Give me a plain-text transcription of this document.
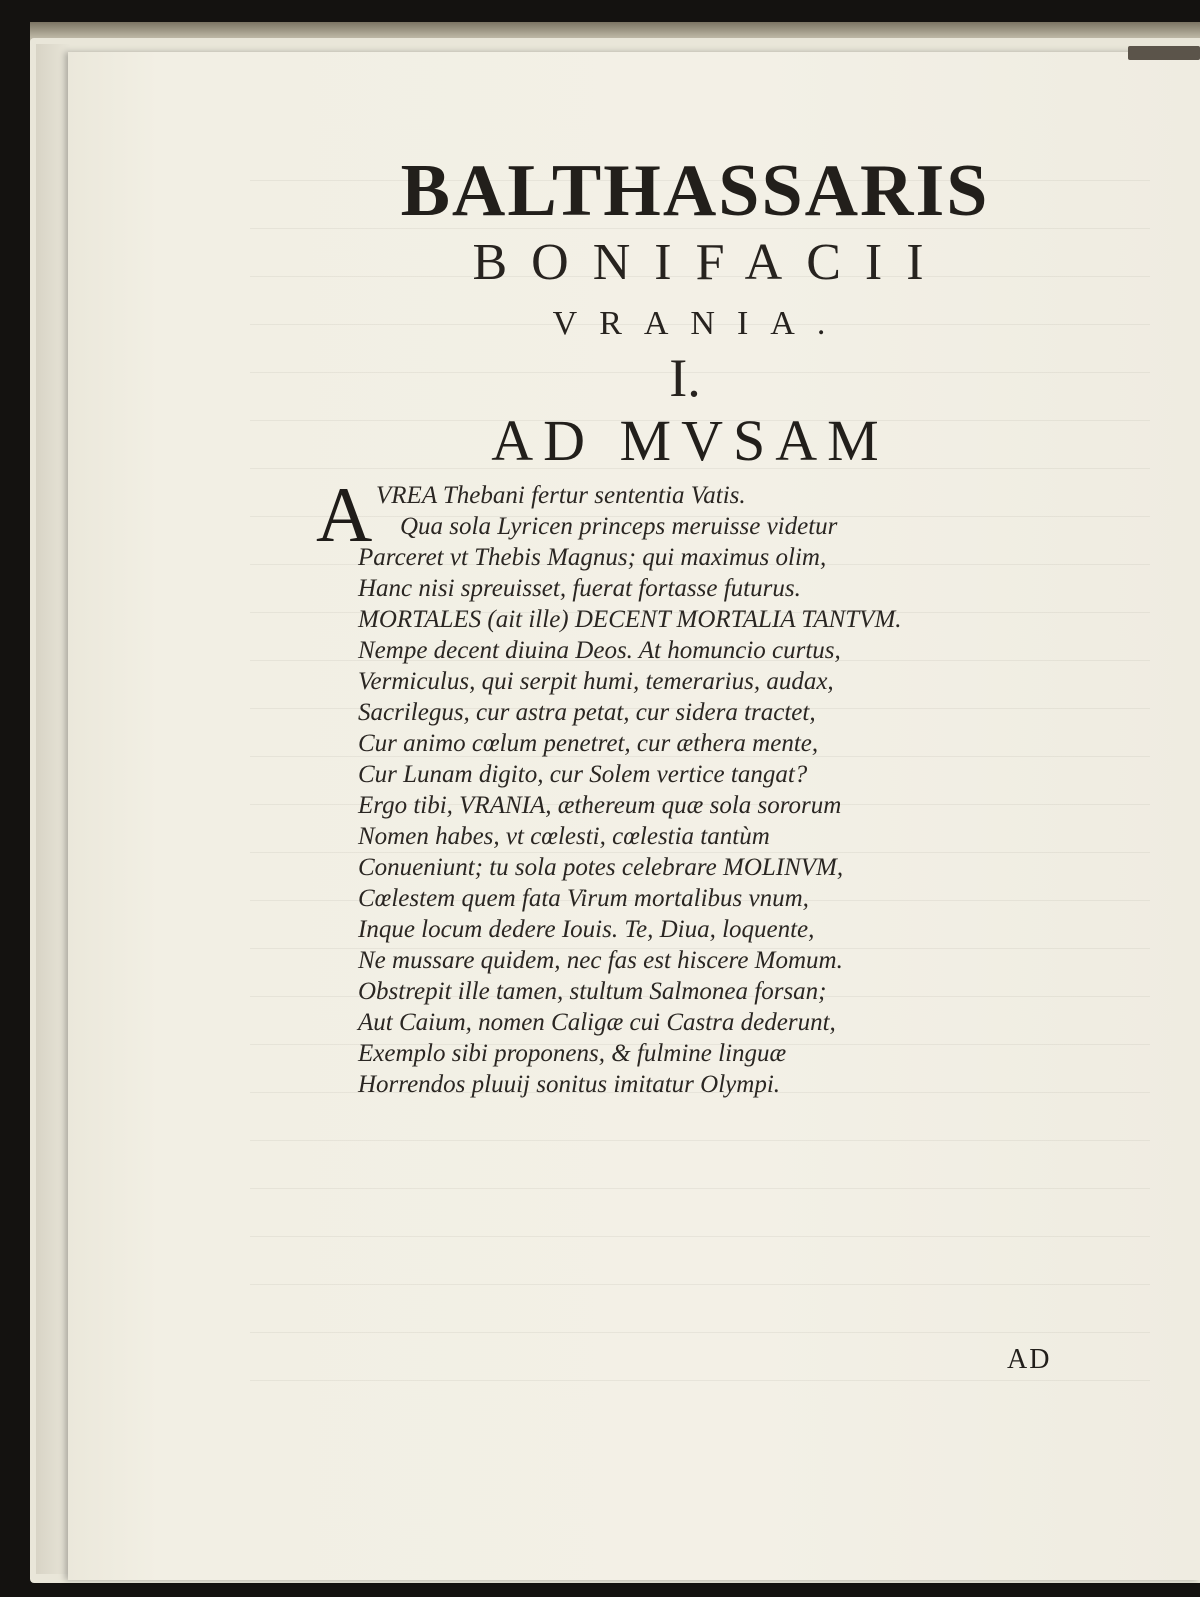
BALTHASSARIS
BONIFACII
VRANIA.
I.
AD MVSAM
A VREA Thebani fertur sententia Vatis.
Qua sola Lyricen princeps meruisse videtur
Parceret vt Thebis Magnus; qui maximus olim,
Hanc nisi spreuisset, fuerat fortasse futurus.
MORTALES (ait ille) DECENT MORTALIA TANTVM.
Nempe decent diuina Deos. At homuncio curtus,
Vermiculus, qui serpit humi, temerarius, audax,
Sacrilegus, cur astra petat, cur sidera tractet,
Cur animo cœlum penetret, cur æthera mente,
Cur Lunam digito, cur Solem vertice tangat?
Ergo tibi, VRANIA, æthereum quæ sola sororum
Nomen habes, vt cœlesti, cœlestia tantùm
Conueniunt; tu sola potes celebrare MOLINVM,
Cœlestem quem fata Virum mortalibus vnum,
Inque locum dedere Iouis. Te, Diua, loquente,
Ne mussare quidem, nec fas est hiscere Momum.
Obstrepit ille tamen, stultum Salmonea forsan;
Aut Caium, nomen Caligæ cui Castra dederunt,
Exemplo sibi proponens, & fulmine linguæ
Horrendos pluuij sonitus imitatur Olympi.
AD
